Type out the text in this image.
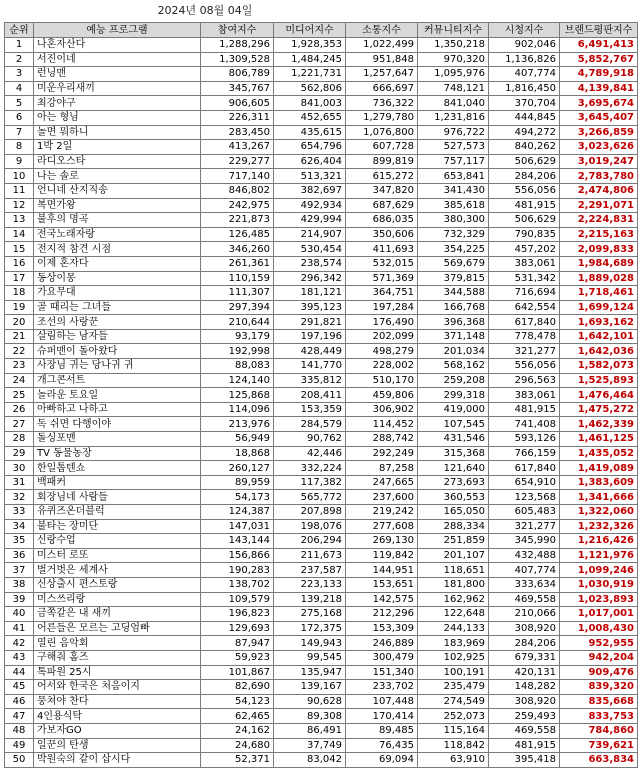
2024년 08월 04일
순위	예능 프로그램	참여지수	미디어지수	소통지수	커뮤니티지수	시청지수	브랜드평판지수
1	나혼자산다	1,288,296	1,928,353	1,022,499	1,350,218	902,046	6,491,413
2	서진이네	1,309,528	1,484,245	951,848	970,320	1,136,826	5,852,767
3	런닝맨	806,789	1,221,731	1,257,647	1,095,976	407,774	4,789,918
4	미운우리새끼	345,767	562,806	666,697	748,121	1,816,450	4,139,841
5	최강야구	906,605	841,003	736,322	841,040	370,704	3,695,674
6	아는 형님	226,311	452,655	1,279,780	1,231,816	444,845	3,645,407
7	놀면 뭐하니	283,450	435,615	1,076,800	976,722	494,272	3,266,859
8	1박 2일	413,267	654,796	607,728	527,573	840,262	3,023,626
9	라디오스타	229,277	626,404	899,819	757,117	506,629	3,019,247
10	나는 솔로	717,140	513,321	615,272	653,841	284,206	2,783,780
11	언니네 산지직송	846,802	382,697	347,820	341,430	556,056	2,474,806
12	복면가왕	242,975	492,934	687,629	385,618	481,915	2,291,071
13	불후의 명곡	221,873	429,994	686,035	380,300	506,629	2,224,831
14	전국노래자랑	126,485	214,907	350,606	732,329	790,835	2,215,163
15	전지적 참견 시점	346,260	530,454	411,693	354,225	457,202	2,099,833
16	이제 혼자다	261,361	238,574	532,015	569,679	383,061	1,984,689
17	동상이몽	110,159	296,342	571,369	379,815	531,342	1,889,028
18	가요무대	111,307	181,121	364,751	344,588	716,694	1,718,461
19	골 때리는 그녀들	297,394	395,123	197,284	166,768	642,554	1,699,124
20	조선의 사랑꾼	210,644	291,821	176,490	396,368	617,840	1,693,162
21	살림하는 남자들	93,179	197,196	202,099	371,148	778,478	1,642,101
22	슈퍼맨이 돌아왔다	192,998	428,449	498,279	201,034	321,277	1,642,036
23	사장님 귀는 당나귀 귀	88,083	141,770	228,002	568,162	556,056	1,582,073
24	개그콘서트	124,140	335,812	510,170	259,208	296,563	1,525,893
25	놀라운 토요일	125,868	208,411	459,806	299,318	383,061	1,476,464
26	아빠하고 나하고	114,096	153,359	306,902	419,000	481,915	1,475,272
27	독 쉬면 다행이야	213,976	284,579	114,452	107,545	741,408	1,462,339
28	돌싱포맨	56,949	90,762	288,742	431,546	593,126	1,461,125
29	TV 동물농장	18,868	42,446	292,249	315,368	766,159	1,435,052
30	한일톱텐쇼	260,127	332,224	87,258	121,640	617,840	1,419,089
31	백패커	89,959	117,382	247,665	273,693	654,910	1,383,609
32	회장님네 사람들	54,173	565,772	237,600	360,553	123,568	1,341,666
33	유퀴즈온더블럭	124,387	207,898	219,242	165,050	605,483	1,322,060
34	불타는 장미단	147,031	198,076	277,608	288,334	321,277	1,232,326
35	신랑수업	143,144	206,294	269,130	251,859	345,990	1,216,426
36	미스터 로또	156,866	211,673	119,842	201,107	432,488	1,121,976
37	벌거벗은 세계사	190,283	237,587	144,951	118,651	407,774	1,099,246
38	신상출시 편스토랑	138,702	223,133	153,651	181,800	333,634	1,030,919
39	미스쓰리랑	109,579	139,218	142,575	162,962	469,558	1,023,893
40	금쪽같은 내 새끼	196,823	275,168	212,296	122,648	210,066	1,017,001
41	어른들은 모르는 고딩엄빠	129,693	172,375	153,309	244,133	308,920	1,008,430
42	열린 음악회	87,947	149,943	246,889	183,969	284,206	952,955
43	구해줘 홈즈	59,923	99,545	300,479	102,925	679,331	942,204
44	톡파원 25시	101,867	135,947	151,340	100,191	420,131	909,476
45	어서와 한국은 처음이지	82,690	139,167	233,702	235,479	148,282	839,320
46	뭉쳐야 찬다	54,123	90,628	107,448	274,549	308,920	835,668
47	4인용식탁	62,465	89,308	170,414	252,073	259,493	833,753
48	가보자GO	24,162	86,491	89,485	115,164	469,558	784,860
49	일꾼의 탄생	24,680	37,749	76,435	118,842	481,915	739,621
50	박원숙의 같이 삽시다	52,371	83,042	69,094	63,910	395,418	663,834
